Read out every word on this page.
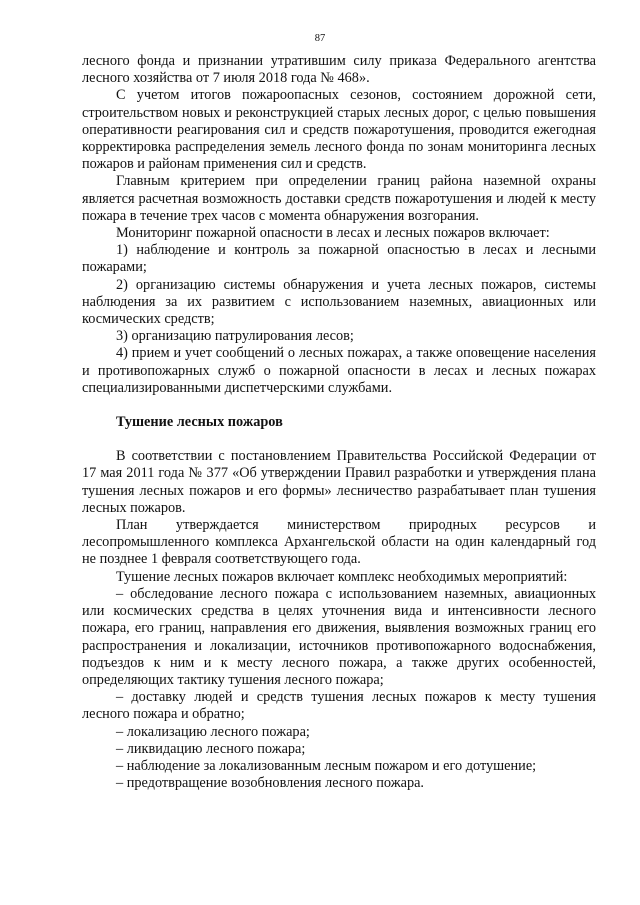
87

лесного фонда и признании утратившим силу приказа Федерального агентства лесного хозяйства от 7 июля 2018 года № 468».

С учетом итогов пожароопасных сезонов, состоянием дорожной сети, строительством новых и реконструкцией старых лесных дорог, с целью повышения оперативности реагирования сил и средств пожаротушения, проводится ежегодная корректировка распределения земель лесного фонда по зонам мониторинга лесных пожаров и районам применения сил и средств.

Главным критерием при определении границ района наземной охраны является расчетная возможность доставки средств пожаротушения и людей к месту пожара в течение трех часов с момента обнаружения возгорания.

Мониторинг пожарной опасности в лесах и лесных пожаров включает:

1) наблюдение и контроль за пожарной опасностью в лесах и лесными пожарами;

2) организацию системы обнаружения и учета лесных пожаров, системы наблюдения за их развитием с использованием наземных, авиационных или космических средств;

3) организацию патрулирования лесов;

4) прием и учет сообщений о лесных пожарах, а также оповещение населения и противопожарных служб о пожарной опасности в лесах и лесных пожарах специализированными диспетчерскими службами.

Тушение лесных пожаров

В соответствии с постановлением Правительства Российской Федерации от 17 мая 2011 года № 377 «Об утверждении Правил разработки и утверждения плана тушения лесных пожаров и его формы» лесничество разрабатывает план тушения лесных пожаров.

План утверждается министерством природных ресурсов и лесопромышленного комплекса Архангельской области на один календарный год не позднее 1 февраля соответствующего года.

Тушение лесных пожаров включает комплекс необходимых мероприятий:

– обследование лесного пожара с использованием наземных, авиационных или космических средства в целях уточнения вида и интенсивности лесного пожара, его границ, направления его движения, выявления возможных границ его распространения и локализации, источников противопожарного водоснабжения, подъездов к ним и к месту лесного пожара, а также других особенностей, определяющих тактику тушения лесного пожара;

– доставку людей и средств тушения лесных пожаров к месту тушения лесного пожара и обратно;

– локализацию лесного пожара;

– ликвидацию лесного пожара;

– наблюдение за локализованным лесным пожаром и его дотушение;

– предотвращение возобновления лесного пожара.
